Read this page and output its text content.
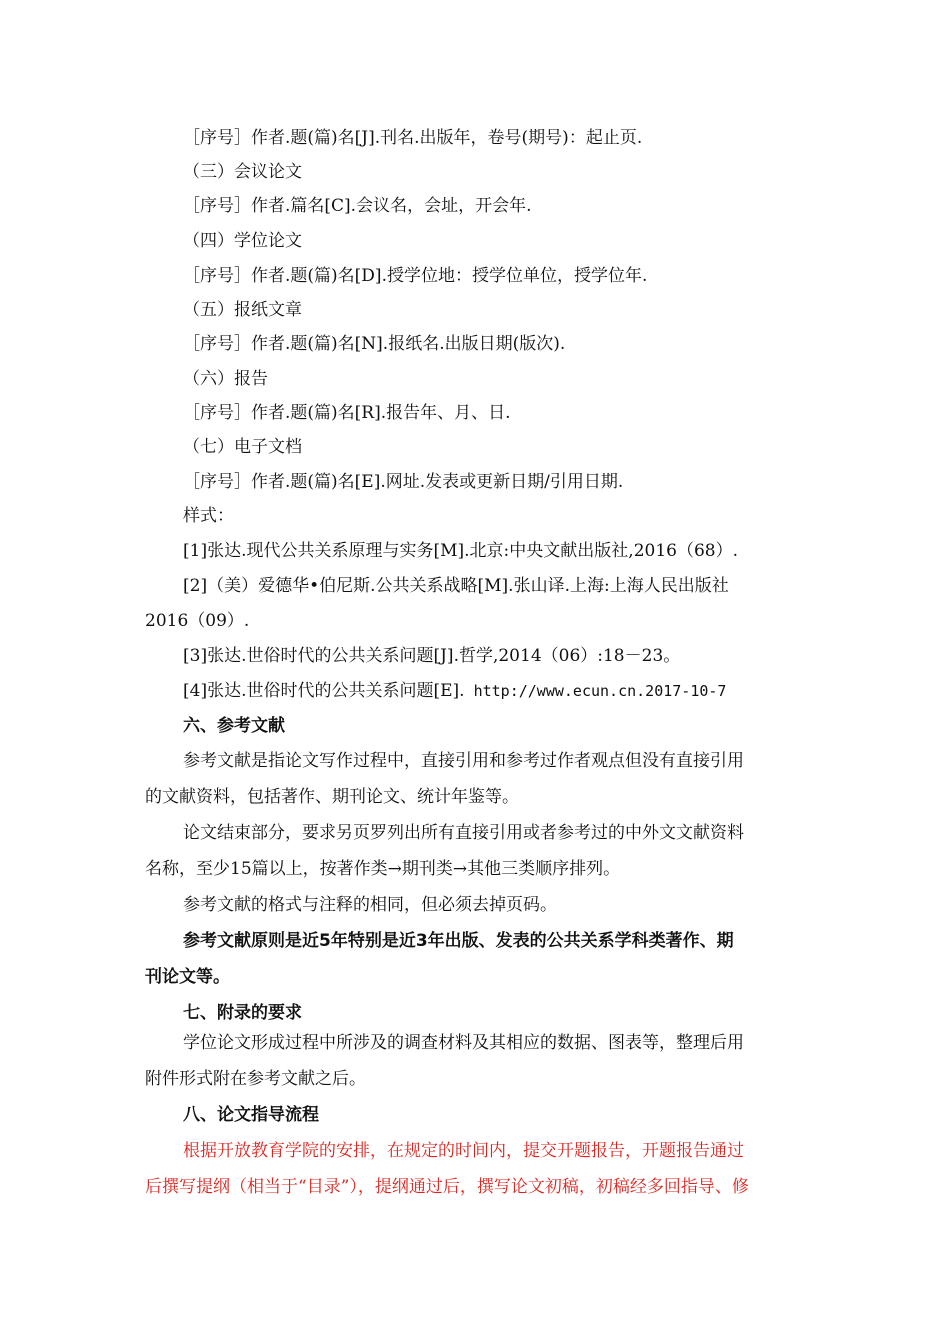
［序号］作者.题(篇)名[J].刊名.出版年，卷号(期号)：起止页.
（三）会议论文
［序号］作者.篇名[C].会议名，会址，开会年.
（四）学位论文
［序号］作者.题(篇)名[D].授学位地：授学位单位，授学位年.
（五）报纸文章
［序号］作者.题(篇)名[N].报纸名.出版日期(版次).
（六）报告
［序号］作者.题(篇)名[R].报告年、月、日.
（七）电子文档
［序号］作者.题(篇)名[E].网址.发表或更新日期/引用日期.
样式：
[1]张达.现代公共关系原理与实务[M].北京:中央文献出版社,2016（68）.
[2]（美）爱德华•伯尼斯.公共关系战略[M].张山译.上海:上海人民出版社
2016（09）.
[3]张达.世俗时代的公共关系问题[J].哲学,2014（06）:18－23。
[4]张达.世俗时代的公共关系问题[E]. http://www.ecun.cn.2017-10-7
六、参考文献
参考文献是指论文写作过程中，直接引用和参考过作者观点但没有直接引用
的文献资料，包括著作、期刊论文、统计年鉴等。
论文结束部分，要求另页罗列出所有直接引用或者参考过的中外文文献资料
名称，至少15篇以上，按著作类→期刊类→其他三类顺序排列。
参考文献的格式与注释的相同，但必须去掉页码。
参考文献原则是近5年特别是近3年出版、发表的公共关系学科类著作、期
刊论文等。
七、附录的要求
学位论文形成过程中所涉及的调查材料及其相应的数据、图表等，整理后用
附件形式附在参考文献之后。
八、论文指导流程
根据开放教育学院的安排，在规定的时间内，提交开题报告，开题报告通过
后撰写提纲（相当于“目录”），提纲通过后，撰写论文初稿，初稿经多回指导、修
